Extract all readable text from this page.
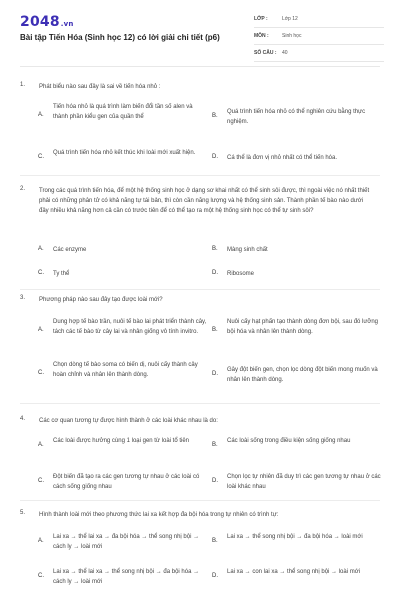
2048.vn
Bài tập Tiến Hóa (Sinh học 12) có lời giải chi tiết (p6)
LỚP :	Lớp 12
MÔN :	Sinh học
SỐ CÂU : 40
1. Phát biểu nào sau đây là sai về tiến hóa nhỏ :
A.
Tiến hóa nhỏ là quá trình làm biến đổi tần số alen và thành phần kiểu gen của quần thể	B.
Quá trình tiến hóa nhỏ có thể nghiên cứu bằng thực nghiệm.
C.
Quá trình tiến hóa nhỏ kết thúc khi loài mới xuất hiện.
D. Cá thể là đơn vị nhỏ nhất có thể tiến hóa.
2. Trong các quá trình tiến hóa, để một hệ thống sinh học ở dạng sơ khai nhất có thể sinh sôi được, thì ngoài việc nó nhất thiết phải có những phân tử có khả năng tự tái bản, thì còn cần năng lượng và hệ thống sinh sản. Thành phần tế bào nào dưới đây nhiều khả năng hơn cả cần có trước tiên để có thể tạo ra một hệ thống sinh học có thể tự sinh sôi?
A. Các enzyme	B. Màng sinh chất
C. Ty thể	D. Ribosome
3. Phương pháp nào sau đây tạo được loài mới?
A.
Dung hợp tế bào trần, nuôi tế bào lai phát triển thành cây, tách các tế bào từ cây lai và nhân giống vô tính invitro.	B.
Nuôi cấy hạt phấn tạo thành dòng đơn bội, sau đó lưỡng bội hóa và nhân lên thành dòng.
C.
Chọn dòng tế bào soma có biến dị, nuôi cấy thành cây hoàn chỉnh và nhân lên thành dòng.	D.
Gây đột biến gen, chọn lọc dòng đột biến mong muốn và nhân lên thành dòng.
4. Các cơ quan tương tự được hình thành ở các loài khác nhau là do:
A.
Các loài được hưởng cùng 1 loại gen từ loài tổ tiên
B.
Các loài sống trong điều kiện sống giống nhau
C.
Đột biến đã tạo ra các gen tương tự nhau ở các loài có cách sống giống nhau
D.
Chọn lọc tự nhiên đã duy trì các gen tương tự nhau ở các loài khác nhau
5. Hình thành loài mới theo phương thức lai xa kết hợp đa bội hóa trong tự nhiên có trình tự:
A.
Lai xa → thể lai xa → đa bội hóa → thể song nhị bội → cách ly → loài mới
B.
Lai xa → thể song nhị bội → đa bội hóa → loài mới
C.
Lai xa → thể lai xa → thể song nhị bội → đa bội hóa → cách ly → loài mới
D.
Lai xa → con lai xa → thể song nhị bội → loài mới
